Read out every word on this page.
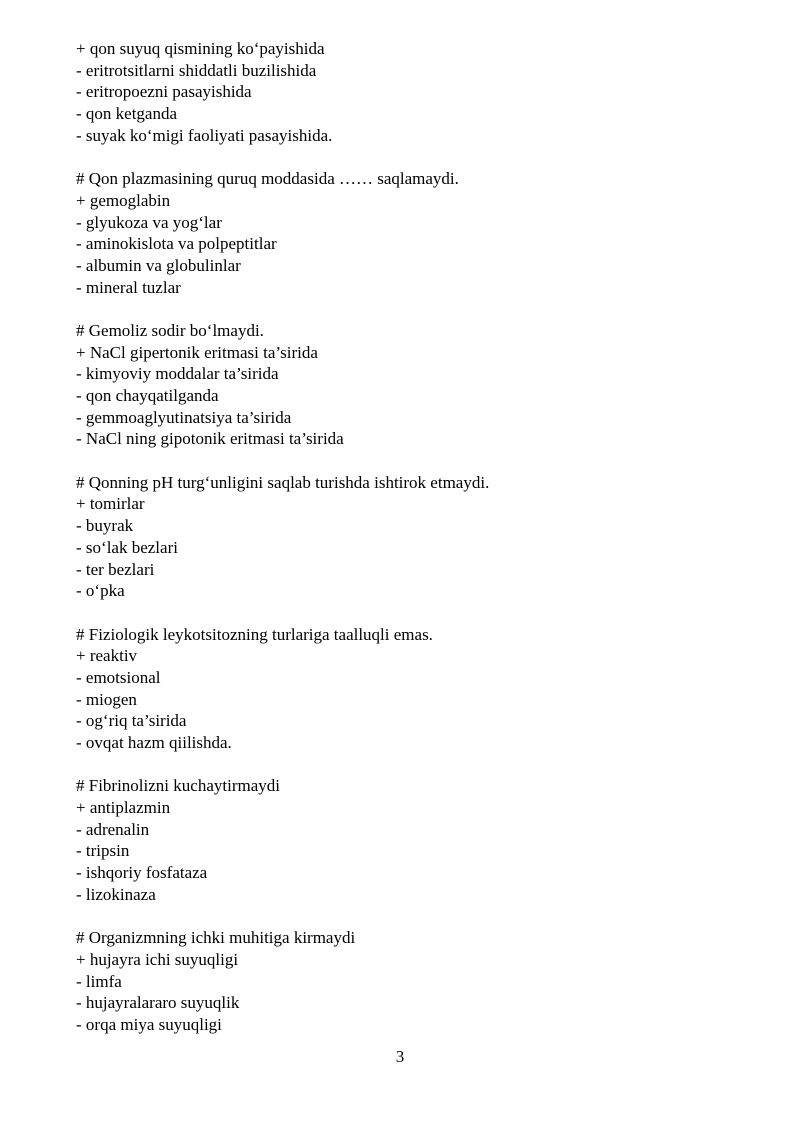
+ qon suyuq qismining ko‘payishida
- eritrotsitlarni shiddatli buzilishida
- eritropoezni pasayishida
- qon ketganda
- suyak ko‘migi faoliyati pasayishida.
# Qon plazmasining quruq moddasida …… saqlamaydi.
+ gemoglabin
- glyukoza va yog‘lar
- aminokislota va polpeptitlar
- albumin va globulinlar
- mineral tuzlar
# Gemoliz sodir bo‘lmaydi.
+ NaCl gipertonik eritmasi ta’sirida
- kimyoviy moddalar ta’sirida
- qon chayqatilganda
- gemmoaglyutinatsiya ta’sirida
- NaCl ning gipotonik eritmasi ta’sirida
# Qonning pH turg‘unligini saqlab turishda ishtirok etmaydi.
+ tomirlar
- buyrak
- so‘lak bezlari
- ter bezlari
- o‘pka
# Fiziologik leykotsitozning turlariga taalluqli emas.
+ reaktiv
- emotsional
- miogen
- og‘riq ta’sirida
- ovqat hazm qiilishda.
# Fibrinolizni kuchaytirmaydi
+ antiplazmin
- adrenalin
- tripsin
- ishqoriy fosfataza
- lizokinaza
# Organizmning ichki muhitiga kirmaydi
+ hujayra ichi suyuqligi
- limfa
- hujayralararo suyuqlik
- orqa miya suyuqligi
3
